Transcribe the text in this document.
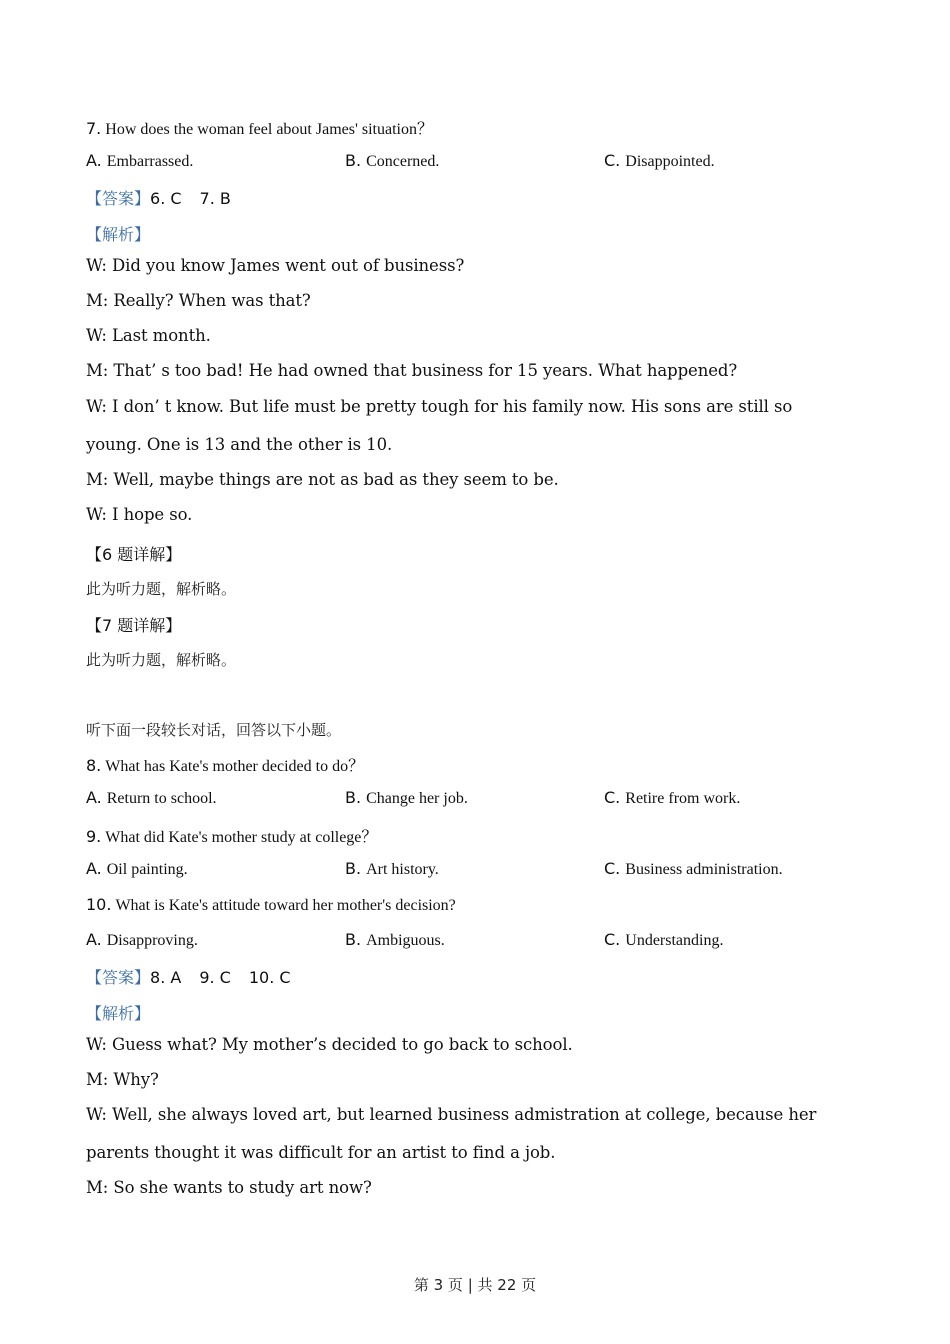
7. How does the woman feel about James' situation？
A. Embarrassed.	B. Concerned.	C. Disappointed.
【答案】6. C 7. B
【解析】
W: Did you know James went out of business?
M: Really? When was that?
W: Last month.
M: That’ s too bad! He had owned that business for 15 years. What happened?
W: I don’ t know. But life must be pretty tough for his family now. His sons are still so
young. One is 13 and the other is 10.
M: Well, maybe things are not as bad as they seem to be.
W: I hope so.
【6 题详解】
此为听力题，解析略。
【7 题详解】
此为听力题，解析略。
听下面一段较长对话，回答以下小题。
8. What has Kate's mother decided to do？
A. Return to school.	B. Change her job.	C. Retire from work.
9. What did Kate's mother study at college？
A. Oil painting.	B. Art history.	C. Business administration.
10. What is Kate's attitude toward her mother's decision?
A. Disapproving.	B. Ambiguous.	C. Understanding.
【答案】8. A 9. C 10. C
【解析】
W: Guess what? My mother’s decided to go back to school.
M: Why?
W: Well, she always loved art, but learned business admistration at college, because her
parents thought it was difficult for an artist to find a job.
M: So she wants to study art now?
第 3 页 | 共 22 页
